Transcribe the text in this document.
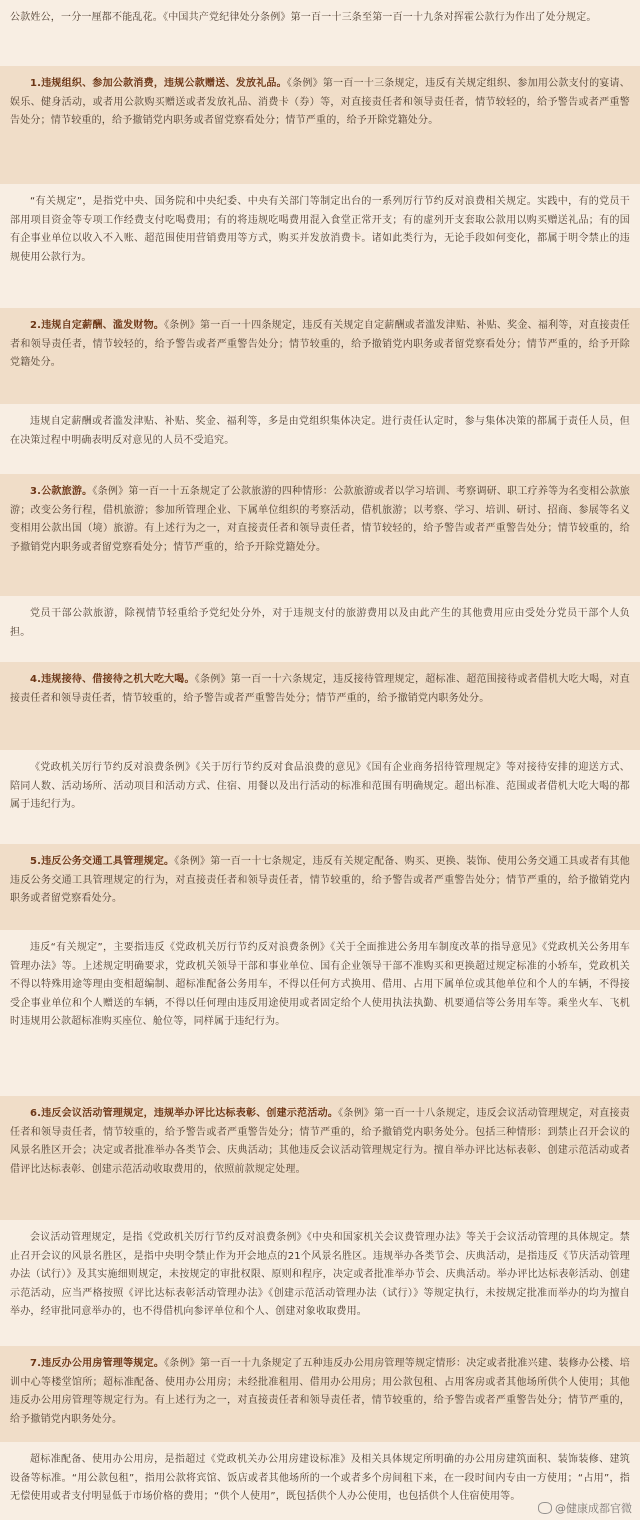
公款姓公，一分一厘都不能乱花。《中国共产党纪律处分条例》第一百一十三条至第一百一十九条对挥霍公款行为作出了处分规定。

1.违规组织、参加公款消费，违规公款赠送、发放礼品。《条例》第一百一十三条规定，违反有关规定组织、参加用公款支付的宴请、娱乐、健身活动，或者用公款购买赠送或者发放礼品、消费卡（券）等，对直接责任者和领导责任者，情节较轻的，给予警告或者严重警告处分；情节较重的，给予撤销党内职务或者留党察看处分；情节严重的，给予开除党籍处分。

“有关规定”，是指党中央、国务院和中央纪委、中央有关部门等制定出台的一系列厉行节约反对浪费相关规定。实践中，有的党员干部用项目资金等专项工作经费支付吃喝费用；有的将违规吃喝费用混入食堂正常开支；有的虚列开支套取公款用以购买赠送礼品；有的国有企事业单位以收入不入账、超范围使用营销费用等方式，购买并发放消费卡。诸如此类行为，无论手段如何变化，都属于明令禁止的违规使用公款行为。

2.违规自定薪酬、滥发财物。《条例》第一百一十四条规定，违反有关规定自定薪酬或者滥发津贴、补贴、奖金、福利等，对直接责任者和领导责任者，情节较轻的，给予警告或者严重警告处分；情节较重的，给予撤销党内职务或者留党察看处分；情节严重的，给予开除党籍处分。

违规自定薪酬或者滥发津贴、补贴、奖金、福利等，多是由党组织集体决定。进行责任认定时，参与集体决策的都属于责任人员，但在决策过程中明确表明反对意见的人员不受追究。

3.公款旅游。《条例》第一百一十五条规定了公款旅游的四种情形：公款旅游或者以学习培训、考察调研、职工疗养等为名变相公款旅游；改变公务行程，借机旅游；参加所管理企业、下属单位组织的考察活动，借机旅游；以考察、学习、培训、研讨、招商、参展等名义变相用公款出国（境）旅游。有上述行为之一，对直接责任者和领导责任者，情节较轻的，给予警告或者严重警告处分；情节较重的，给予撤销党内职务或者留党察看处分；情节严重的，给予开除党籍处分。

党员干部公款旅游，除视情节轻重给予党纪处分外，对于违规支付的旅游费用以及由此产生的其他费用应由受处分党员干部个人负担。

4.违规接待、借接待之机大吃大喝。《条例》第一百一十六条规定，违反接待管理规定，超标准、超范围接待或者借机大吃大喝，对直接责任者和领导责任者，情节较重的，给予警告或者严重警告处分；情节严重的，给予撤销党内职务处分。

《党政机关厉行节约反对浪费条例》《关于厉行节约反对食品浪费的意见》《国有企业商务招待管理规定》等对接待安排的迎送方式、陪同人数、活动场所、活动项目和活动方式、住宿、用餐以及出行活动的标准和范围有明确规定。超出标准、范围或者借机大吃大喝的都属于违纪行为。

5.违反公务交通工具管理规定。《条例》第一百一十七条规定，违反有关规定配备、购买、更换、装饰、使用公务交通工具或者有其他违反公务交通工具管理规定的行为，对直接责任者和领导责任者，情节较重的，给予警告或者严重警告处分；情节严重的，给予撤销党内职务或者留党察看处分。

违反“有关规定”，主要指违反《党政机关厉行节约反对浪费条例》《关于全面推进公务用车制度改革的指导意见》《党政机关公务用车管理办法》等。上述规定明确要求，党政机关领导干部和事业单位、国有企业领导干部不准购买和更换超过规定标准的小轿车，党政机关不得以特殊用途等理由变相超编制、超标准配备公务用车，不得以任何方式换用、借用、占用下属单位或其他单位和个人的车辆，不得接受企事业单位和个人赠送的车辆，不得以任何理由违反用途使用或者固定给个人使用执法执勤、机要通信等公务用车等。乘坐火车、飞机时违规用公款超标准购买座位、舱位等，同样属于违纪行为。

6.违反会议活动管理规定，违规举办评比达标表彰、创建示范活动。《条例》第一百一十八条规定，违反会议活动管理规定，对直接责任者和领导责任者，情节较重的，给予警告或者严重警告处分；情节严重的，给予撤销党内职务处分。包括三种情形：到禁止召开会议的风景名胜区开会；决定或者批准举办各类节会、庆典活动；其他违反会议活动管理规定行为。擅自举办评比达标表彰、创建示范活动或者借评比达标表彰、创建示范活动收取费用的，依照前款规定处理。

会议活动管理规定，是指《党政机关厉行节约反对浪费条例》《中央和国家机关会议费管理办法》等关于会议活动管理的具体规定。禁止召开会议的风景名胜区，是指中央明令禁止作为开会地点的21个风景名胜区。违规举办各类节会、庆典活动，是指违反《节庆活动管理办法（试行）》及其实施细则规定，未按规定的审批权限、原则和程序，决定或者批准举办节会、庆典活动。举办评比达标表彰活动、创建示范活动，应当严格按照《评比达标表彰活动管理办法》《创建示范活动管理办法（试行）》等规定执行，未按规定批准而举办的均为擅自举办，经审批同意举办的，也不得借机向参评单位和个人、创建对象收取费用。

7.违反办公用房管理等规定。《条例》第一百一十九条规定了五种违反办公用房管理等规定情形：决定或者批准兴建、装修办公楼、培训中心等楼堂馆所；超标准配备、使用办公用房；未经批准租用、借用办公用房；用公款包租、占用客房或者其他场所供个人使用；其他违反办公用房管理等规定行为。有上述行为之一，对直接责任者和领导责任者，情节较重的，给予警告或者严重警告处分；情节严重的，给予撤销党内职务处分。

超标准配备、使用办公用房，是指超过《党政机关办公用房建设标准》及相关具体规定所明确的办公用房建筑面积、装饰装修、建筑设备等标准。“用公款包租”，指用公款将宾馆、饭店或者其他场所的一个或者多个房间租下来，在一段时间内专由一方使用；“占用”，指无偿使用或者支付明显低于市场价格的费用；“供个人使用”，既包括供个人办公使用，也包括供个人住宿使用等。

@健康成都官微
